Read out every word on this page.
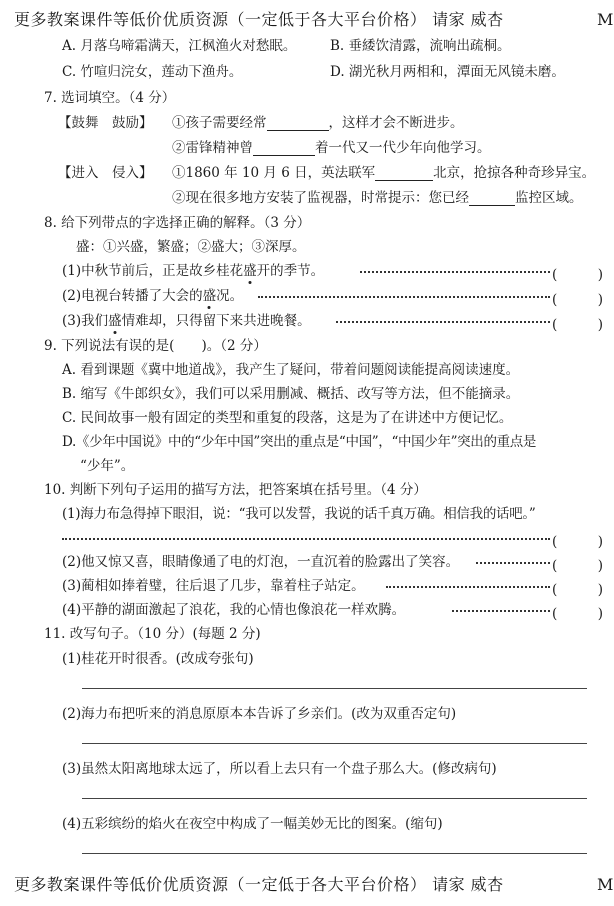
更多教案课件等低价优质资源（一定低于各大平台价格） 请家 威杏	M
A. 月落乌啼霜满天，江枫渔火对愁眠。 B. 垂緌饮清露，流响出疏桐。
C. 竹喧归浣女，莲动下渔舟。	D. 湖光秋月两相和，潭面无风镜未磨。
7. 选词填空。（4 分）
【鼓舞　鼓励】 ①孩子需要经常	，这样才会不断进步。
②雷锋精神曾	着一代又一代少年向他学习。
【进入　侵入】 ①1860 年 10 月 6 日，英法联军	北京，抢掠各种奇珍异宝。
②现在很多地方安装了监视器，时常提示：您已经	监控区域。
8. 给下列带点的字选择正确的解释。（3 分）
盛：①兴盛，繁盛；②盛大；③深厚。
(1)中秋节前后，正是故乡桂花盛开的季节。	(　　　)
(2)电视台转播了大会的盛况。	(　　　)
(3)我们盛情难却，只得留下来共进晚餐。	(　　　)
9. 下列说法有误的是(　　)。（2 分）
A. 看到课题《冀中地道战》，我产生了疑问，带着问题阅读能提高阅读速度。
B. 缩写《牛郎织女》，我们可以采用删减、概括、改写等方法，但不能摘录。
C. 民间故事一般有固定的类型和重复的段落，这是为了在讲述中方便记忆。
D.《少年中国说》中的“少年中国”突出的重点是“中国”，“中国少年”突出的重点是
“少年”。
10. 判断下列句子运用的描写方法，把答案填在括号里。（4 分）
(1)海力布急得掉下眼泪，说：“我可以发誓，我说的话千真万确。相信我的话吧。”
(　　　)
(2)他又惊又喜，眼睛像通了电的灯泡，一直沉着的脸露出了笑容。	(　　　)
(3)蔺相如捧着璧，往后退了几步，靠着柱子站定。	(　　　)
(4)平静的湖面激起了浪花，我的心情也像浪花一样欢腾。	(　　　)
11. 改写句子。（10 分）(每题 2 分)
(1)桂花开时很香。(改成夸张句)
(2)海力布把听来的消息原原本本告诉了乡亲们。(改为双重否定句)
(3)虽然太阳离地球太远了，所以看上去只有一个盘子那么大。(修改病句)
(4)五彩缤纷的焰火在夜空中构成了一幅美妙无比的图案。(缩句)
更多教案课件等低价优质资源（一定低于各大平台价格） 请家 威杏	M
